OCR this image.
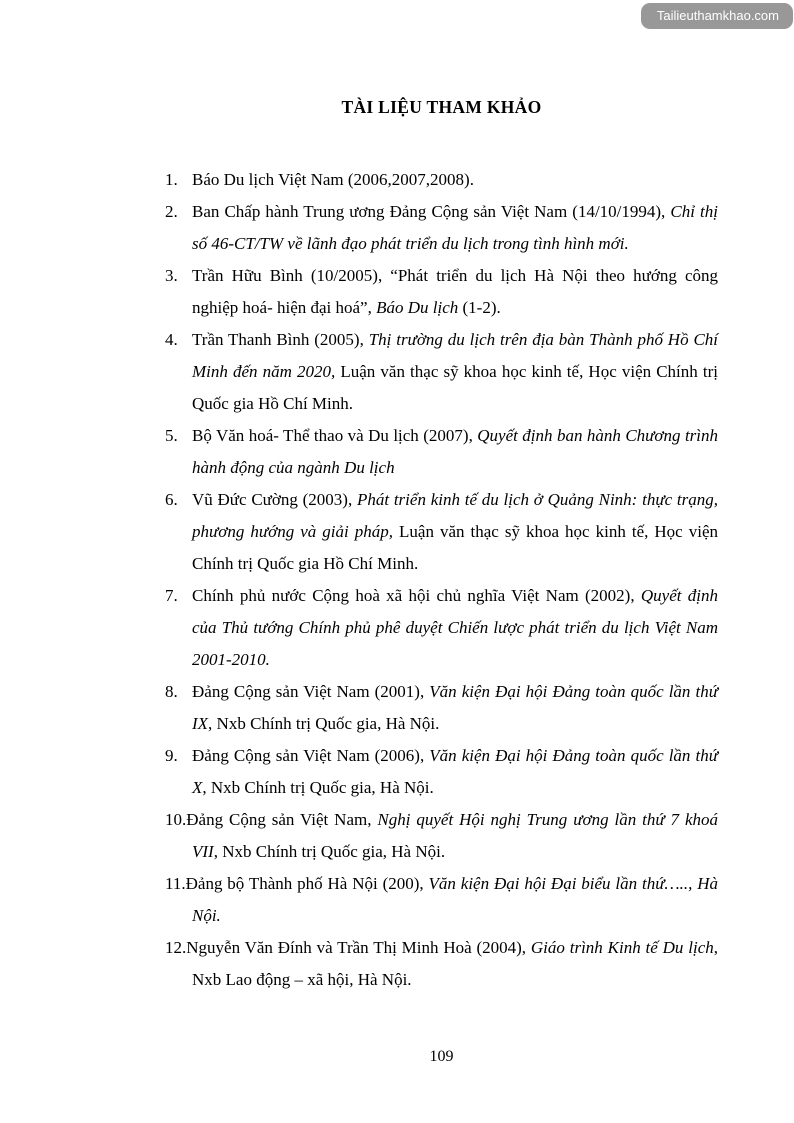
Tailieuthamkhao.com
TÀI LIỆU THAM KHẢO
1. Báo Du lịch Việt Nam (2006,2007,2008).
2. Ban Chấp hành Trung ương Đảng Cộng sản Việt Nam (14/10/1994), Chỉ thị số 46-CT/TW về lãnh đạo phát triển du lịch trong tình hình mới.
3. Trần Hữu Bình (10/2005), “Phát triển du lịch Hà Nội theo hướng công nghiệp hoá- hiện đại hoá”, Báo Du lịch (1-2).
4. Trần Thanh Bình (2005), Thị trường du lịch trên địa bàn Thành phố Hồ Chí Minh đến năm 2020, Luận văn thạc sỹ khoa học kinh tế, Học viện Chính trị Quốc gia Hồ Chí Minh.
5. Bộ Văn hoá- Thể thao và Du lịch (2007), Quyết định ban hành Chương trình hành động của ngành Du lịch
6. Vũ Đức Cường (2003), Phát triển kinh tế du lịch ở Quảng Ninh: thực trạng, phương hướng và giải pháp, Luận văn thạc sỹ khoa học kinh tế, Học viện Chính trị Quốc gia Hồ Chí Minh.
7. Chính phủ nước Cộng hoà xã hội chủ nghĩa Việt Nam (2002), Quyết định của Thủ tướng Chính phủ phê duyệt Chiến lược phát triển du lịch Việt Nam 2001-2010.
8. Đảng Cộng sản Việt Nam (2001), Văn kiện Đại hội Đảng toàn quốc lần thứ IX, Nxb Chính trị Quốc gia, Hà Nội.
9. Đảng Cộng sản Việt Nam (2006), Văn kiện Đại hội Đảng toàn quốc lần thứ X, Nxb Chính trị Quốc gia, Hà Nội.
10.Đảng Cộng sản Việt Nam, Nghị quyết Hội nghị Trung ương lần thứ 7 khoá VII, Nxb Chính trị Quốc gia, Hà Nội.
11.Đảng bộ Thành phố Hà Nội (200), Văn kiện Đại hội Đại biểu lần thứ….., Hà Nội.
12.Nguyễn Văn Đính và Trần Thị Minh Hoà (2004), Giáo trình Kinh tế Du lịch, Nxb Lao động – xã hội, Hà Nội.
109
